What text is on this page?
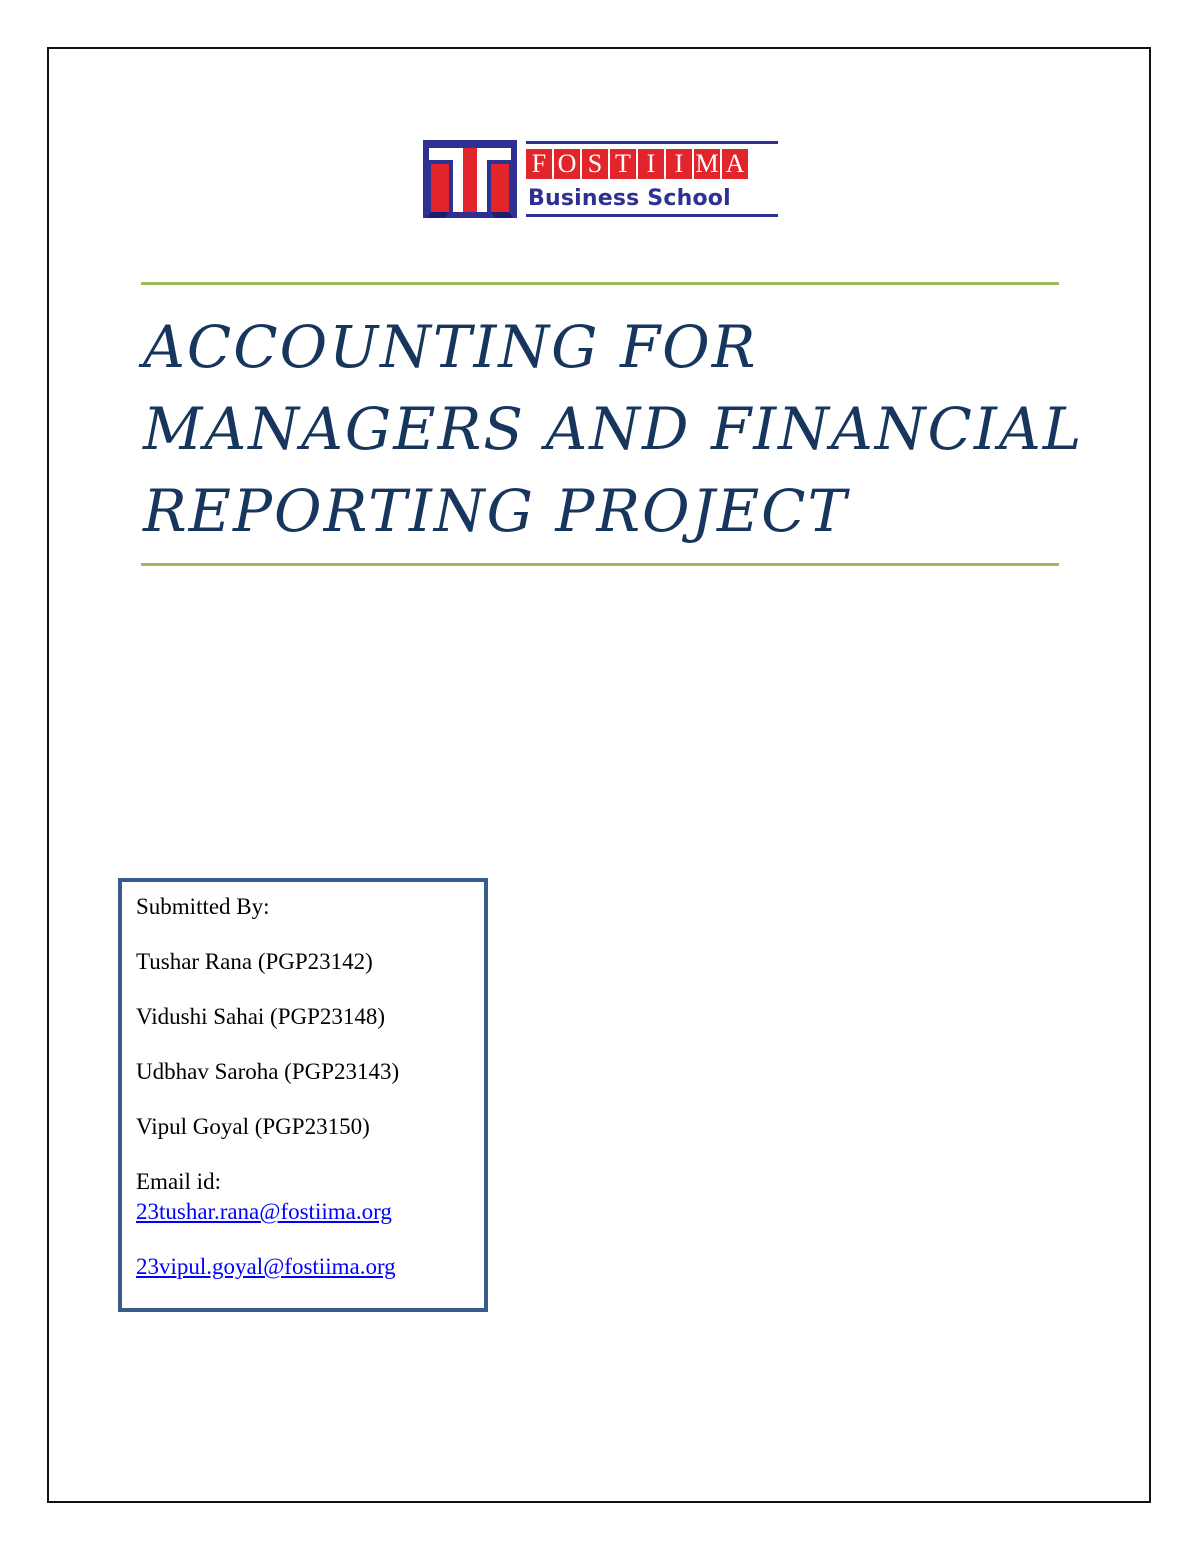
F O S T I I M A
Business School
ACCOUNTING FOR
MANAGERS AND FINANCIAL
REPORTING PROJECT

Submitted By:

Tushar Rana (PGP23142)

Vidushi Sahai (PGP23148)

Udbhav Saroha (PGP23143)

Vipul Goyal (PGP23150)

Email id:

23tushar.rana@fostiima.org

23vipul.goyal@fostiima.org
